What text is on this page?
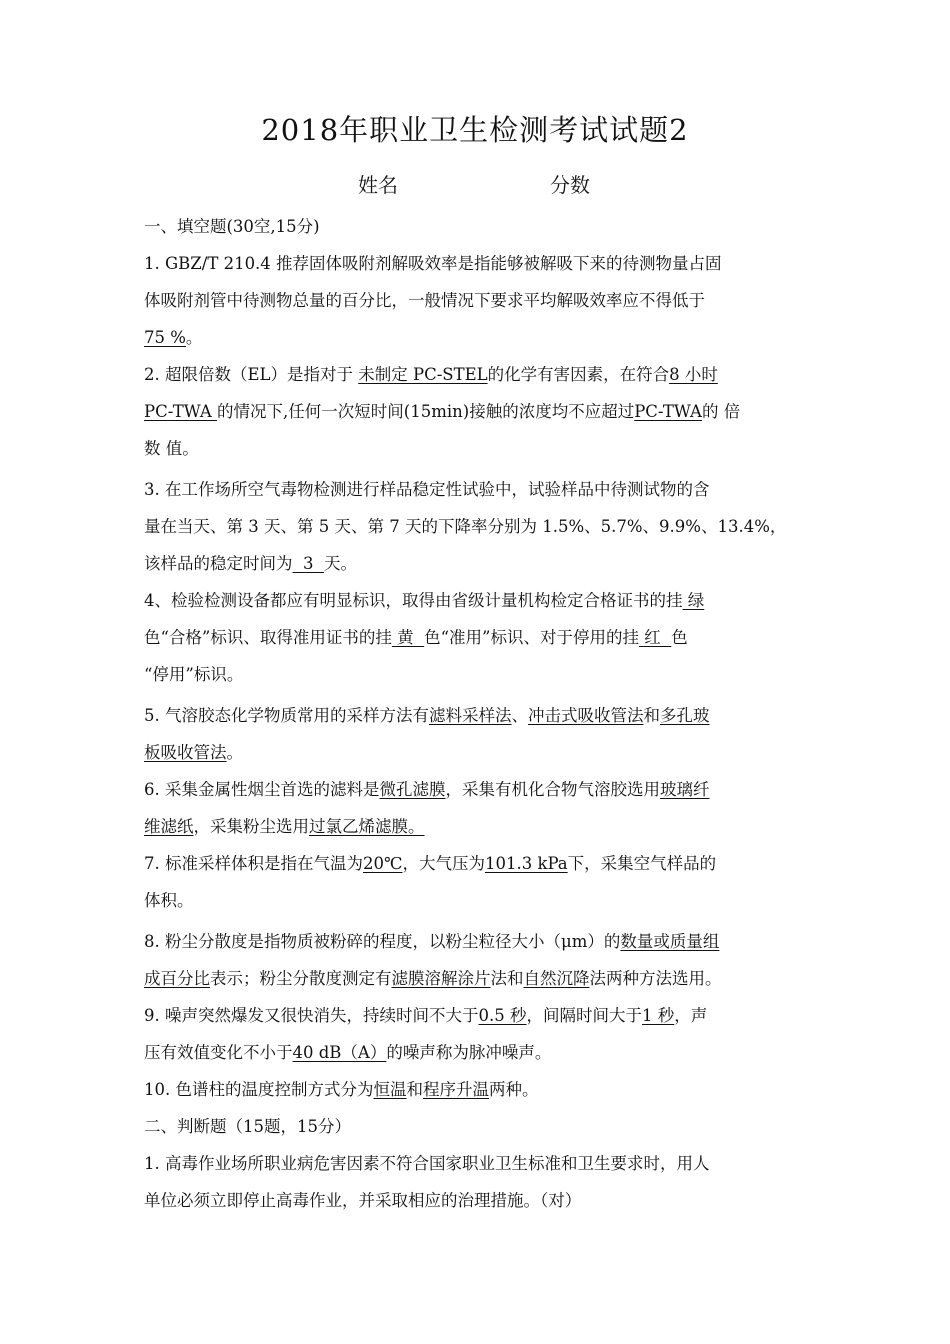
2018年职业卫生检测考试试题2
姓名	分数
一、填空题(30空,15分)
1. GBZ/T 210.4 推荐固体吸附剂解吸效率是指能够被解吸下来的待测物量占固
体吸附剂管中待测物总量的百分比，一般情况下要求平均解吸效率应不得低于
75 %。
2. 超限倍数（EL）是指对于 未制定 PC-STEL的化学有害因素，在符合8 小时
PC-TWA 的情况下,任何一次短时间(15min)接触的浓度均不应超过PC-TWA的 倍
数 值。
3. 在工作场所空气毒物检测进行样品稳定性试验中，试验样品中待测试物的含
量在当天、第 3 天、第 5 天、第 7 天的下降率分别为 1.5%、5.7%、9.9%、13.4%，
该样品的稳定时间为  3  天。
4、检验检测设备都应有明显标识，取得由省级计量机构检定合格证书的挂 绿
色“合格”标识、取得准用证书的挂 黄  色“准用”标识、对于停用的挂 红  色
“停用”标识。
5. 气溶胶态化学物质常用的采样方法有滤料采样法、冲击式吸收管法和多孔玻
板吸收管法。
6. 采集金属性烟尘首选的滤料是微孔滤膜，采集有机化合物气溶胶选用玻璃纤
维滤纸，采集粉尘选用过氯乙烯滤膜。
7. 标准采样体积是指在气温为20℃，大气压为101.3 kPa下，采集空气样品的
体积。
8. 粉尘分散度是指物质被粉碎的程度，以粉尘粒径大小（μm）的数量或质量组
成百分比表示；粉尘分散度测定有滤膜溶解涂片法和自然沉降法两种方法选用。
9. 噪声突然爆发又很快消失，持续时间不大于0.5 秒，间隔时间大于1 秒，声
压有效值变化不小于40 dB（A）的噪声称为脉冲噪声。
10. 色谱柱的温度控制方式分为恒温和程序升温两种。
二、判断题（15题，15分）
1. 高毒作业场所职业病危害因素不符合国家职业卫生标准和卫生要求时，用人
单位必须立即停止高毒作业，并采取相应的治理措施。（对）
